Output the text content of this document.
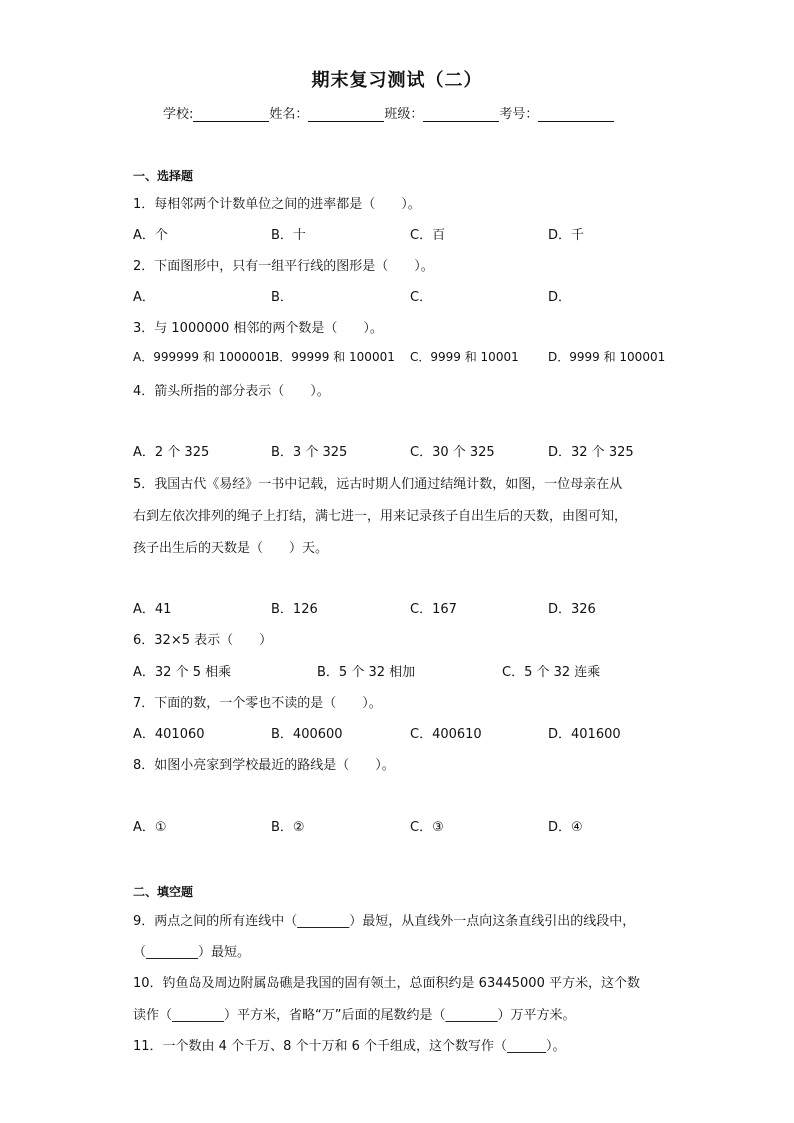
期末复习测试（二）
学校:	姓名：	班级：	考号：
一、选择题
1．每相邻两个计数单位之间的进率都是（　　）。
A．个	B．十	C．百	D．千
2．下面图形中，只有一组平行线的图形是（　　）。
A．	B．	C．	D．
3．与 1000000 相邻的两个数是（　　）。
A．999999 和 1000001
B．99999 和 100001 C．9999 和 10001 D．9999 和 100001
4．箭头所指的部分表示（　　）。
A．2 个 325	B．3 个 325	C．30 个 325	D．32 个 325
5．我国古代《易经》一书中记载，远古时期人们通过结绳计数，如图，一位母亲在从
右到左依次排列的绳子上打结，满七进一，用来记录孩子自出生后的天数，由图可知，
孩子出生后的天数是（　　）天。
A．41	B．126	C．167	D．326
6．32×5 表示（　　）
A．32 个 5 相乘	B．5 个 32 相加	C．5 个 32 连乘
7．下面的数，一个零也不读的是（　　）。
A．401060	B．400600	C．400610	D．401600
8．如图小亮家到学校最近的路线是（　　）。
A．①	B．②	C．③	D．④
二、填空题
9．两点之间的所有连线中（________）最短，从直线外一点向这条直线引出的线段中，
（________）最短。
10．钓鱼岛及周边附属岛礁是我国的固有领土，总面积约是 63445000 平方米，这个数
读作（________）平方米，省略“万”后面的尾数约是（________）万平方米。
11．一个数由 4 个千万、8 个十万和 6 个千组成，这个数写作（______）。
